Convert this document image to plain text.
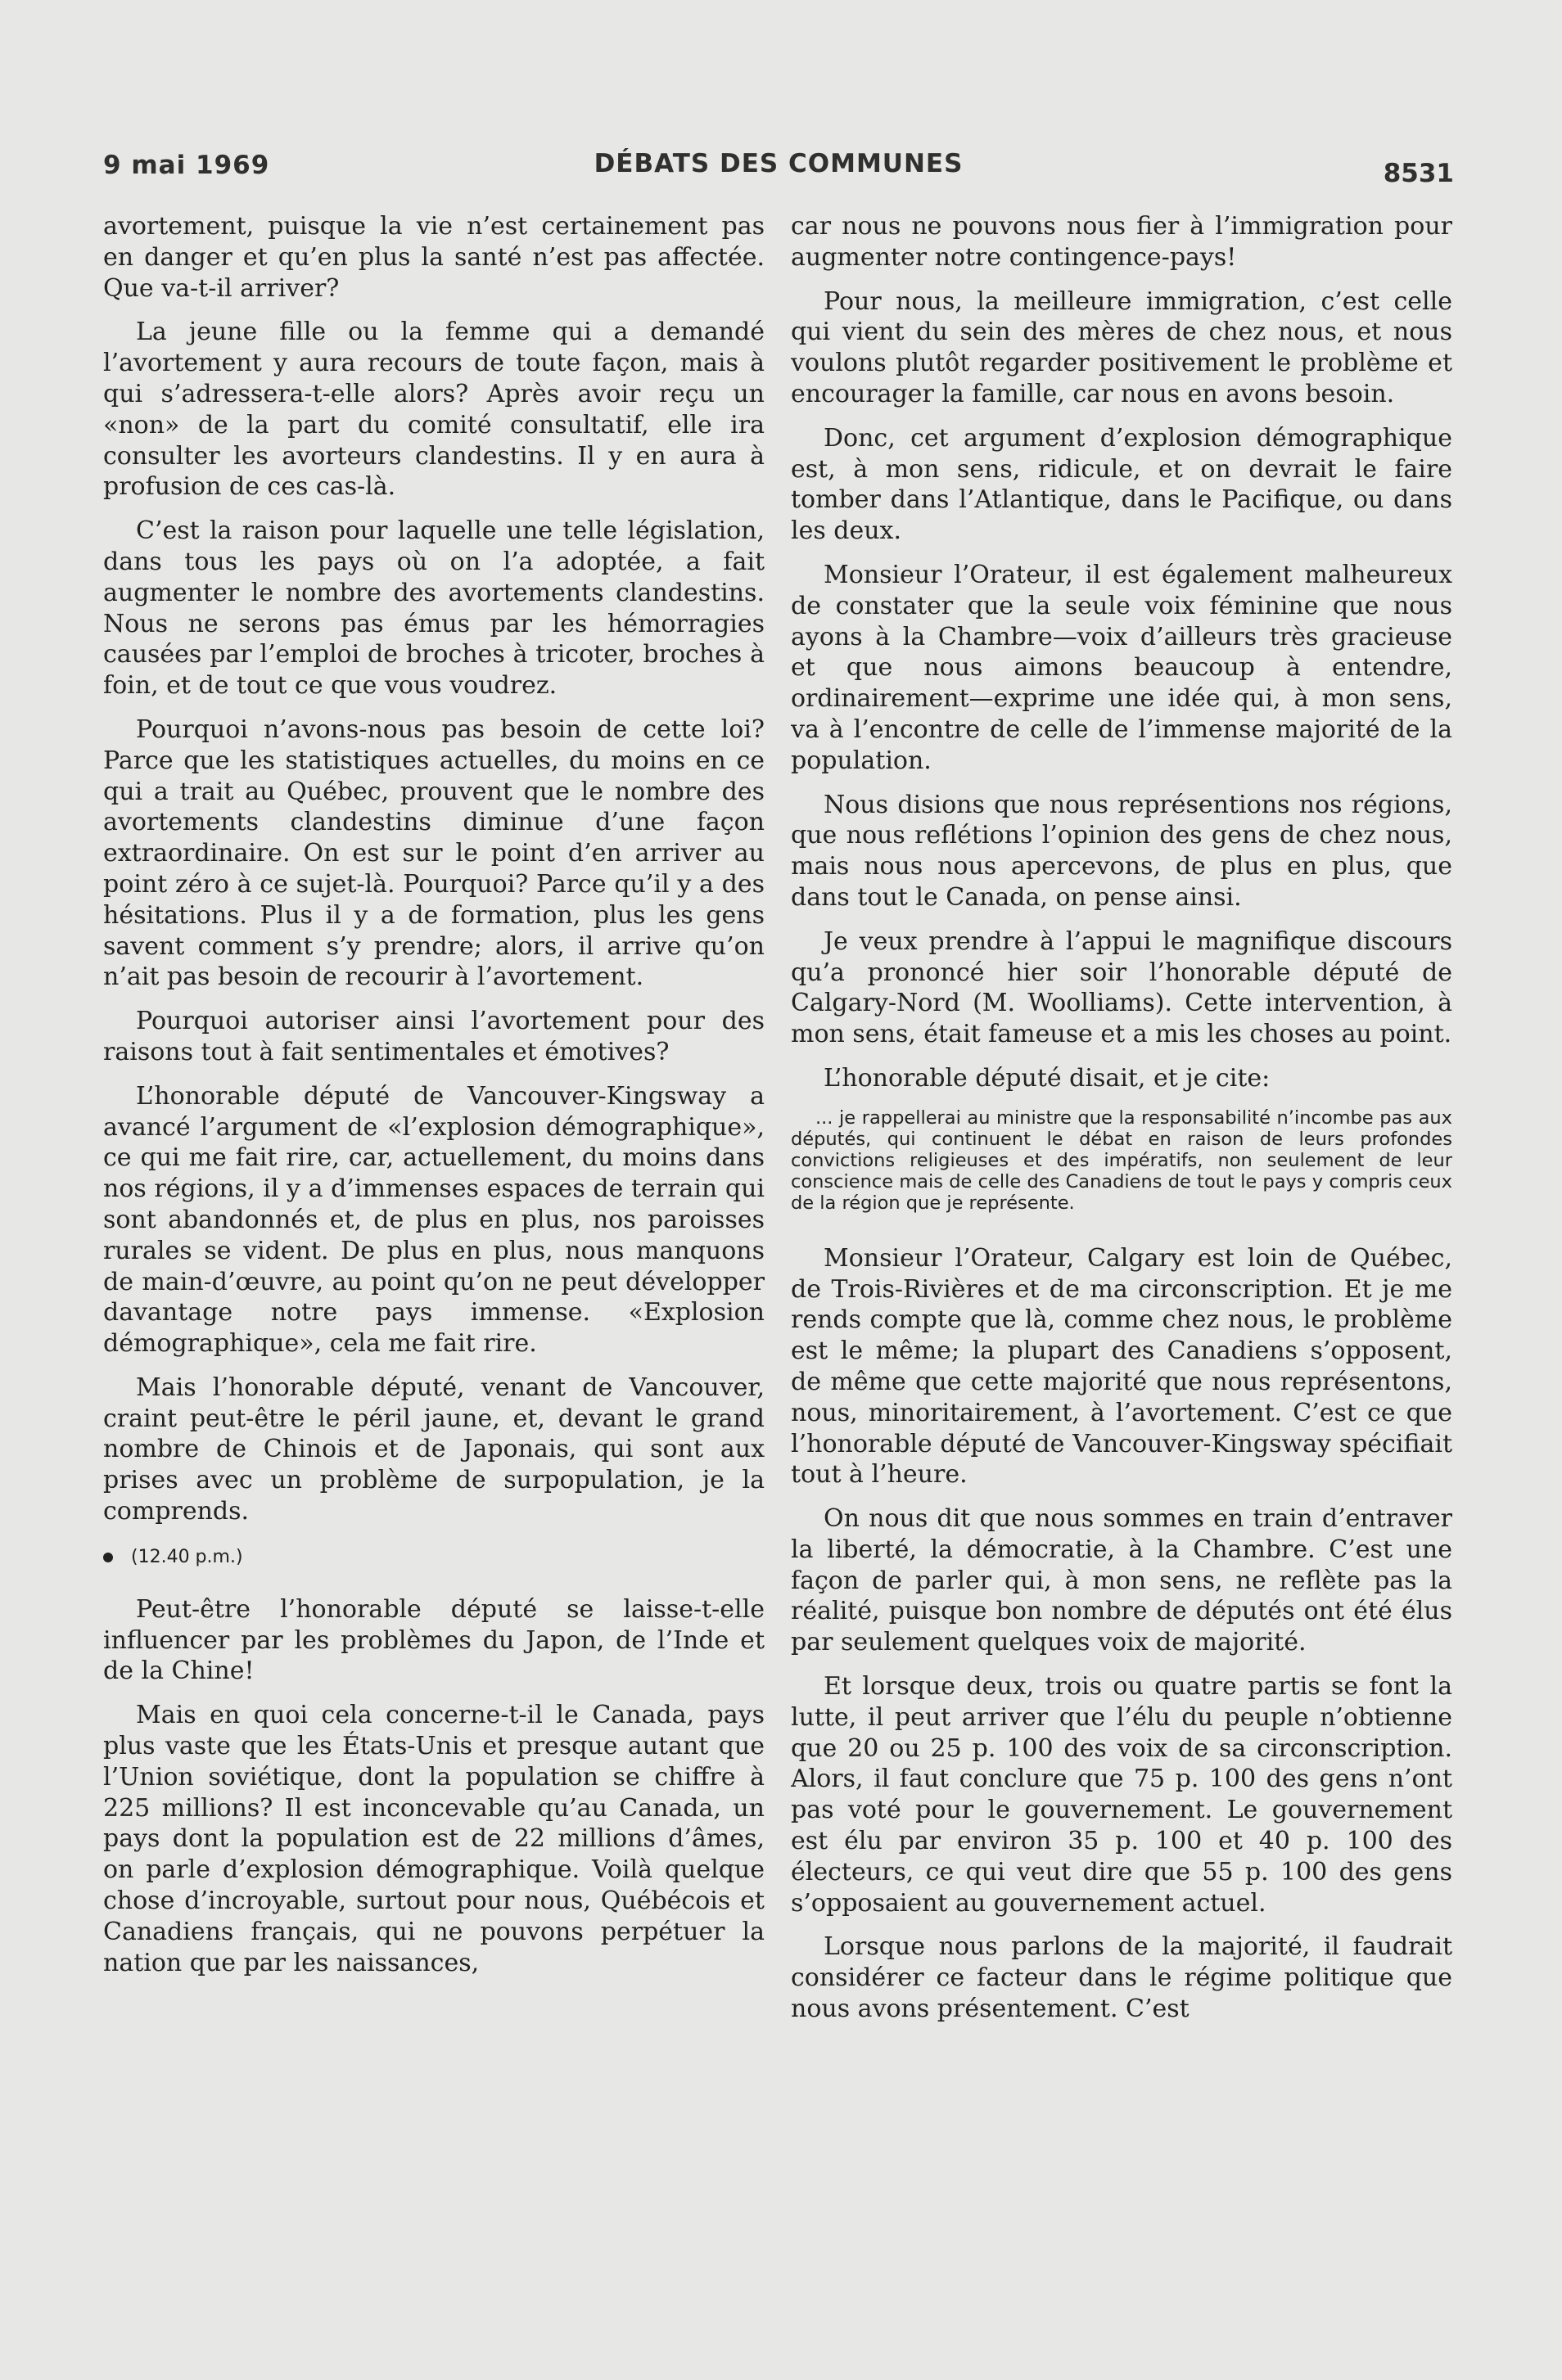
9 mai 1969	DÉBATS DES COMMUNES	8531

avortement, puisque la vie n’est certainement pas en danger et qu’en plus la santé n’est pas affectée. Que va-t-il arriver?

La jeune fille ou la femme qui a demandé l’avortement y aura recours de toute façon, mais à qui s’adressera-t-elle alors? Après avoir reçu un «non» de la part du comité consultatif, elle ira consulter les avorteurs clandestins. Il y en aura à profusion de ces cas-là.

C’est la raison pour laquelle une telle législation, dans tous les pays où on l’a adoptée, a fait augmenter le nombre des avortements clandestins. Nous ne serons pas émus par les hémorragies causées par l’emploi de broches à tricoter, broches à foin, et de tout ce que vous voudrez.

Pourquoi n’avons-nous pas besoin de cette loi? Parce que les statistiques actuelles, du moins en ce qui a trait au Québec, prouvent que le nombre des avortements clandestins diminue d’une façon extraordinaire. On est sur le point d’en arriver au point zéro à ce sujet-là. Pourquoi? Parce qu’il y a des hésitations. Plus il y a de formation, plus les gens savent comment s’y prendre; alors, il arrive qu’on n’ait pas besoin de recourir à l’avortement.

Pourquoi autoriser ainsi l’avortement pour des raisons tout à fait sentimentales et émotives?

L’honorable député de Vancouver-Kingsway a avancé l’argument de «l’explosion démographique», ce qui me fait rire, car, actuellement, du moins dans nos régions, il y a d’immenses espaces de terrain qui sont abandonnés et, de plus en plus, nos paroisses rurales se vident. De plus en plus, nous manquons de main-d’œuvre, au point qu’on ne peut développer davantage notre pays immense. «Explosion démographique», cela me fait rire.

Mais l’honorable député, venant de Vancouver, craint peut-être le péril jaune, et, devant le grand nombre de Chinois et de Japonais, qui sont aux prises avec un problème de surpopulation, je la comprends.

(12.40 p.m.)

Peut-être l’honorable député se laisse-t-elle influencer par les problèmes du Japon, de l’Inde et de la Chine!

Mais en quoi cela concerne-t-il le Canada, pays plus vaste que les États-Unis et presque autant que l’Union soviétique, dont la population se chiffre à 225 millions? Il est inconcevable qu’au Canada, un pays dont la population est de 22 millions d’âmes, on parle d’explosion démographique. Voilà quelque chose d’incroyable, surtout pour nous, Québécois et Canadiens français, qui ne pouvons perpétuer la nation que par les naissances,

car nous ne pouvons nous fier à l’immigration pour augmenter notre contingence-pays!

Pour nous, la meilleure immigration, c’est celle qui vient du sein des mères de chez nous, et nous voulons plutôt regarder positivement le problème et encourager la famille, car nous en avons besoin.

Donc, cet argument d’explosion démographique est, à mon sens, ridicule, et on devrait le faire tomber dans l’Atlantique, dans le Pacifique, ou dans les deux.

Monsieur l’Orateur, il est également malheureux de constater que la seule voix féminine que nous ayons à la Chambre—voix d’ailleurs très gracieuse et que nous aimons beaucoup à entendre, ordinairement—exprime une idée qui, à mon sens, va à l’encontre de celle de l’immense majorité de la population.

Nous disions que nous représentions nos régions, que nous reflétions l’opinion des gens de chez nous, mais nous nous apercevons, de plus en plus, que dans tout le Canada, on pense ainsi.

Je veux prendre à l’appui le magnifique discours qu’a prononcé hier soir l’honorable député de Calgary-Nord (M. Woolliams). Cette intervention, à mon sens, était fameuse et a mis les choses au point.

L’honorable député disait, et je cite:

... je rappellerai au ministre que la responsabilité n’incombe pas aux députés, qui continuent le débat en raison de leurs profondes convictions religieuses et des impératifs, non seulement de leur conscience mais de celle des Canadiens de tout le pays y compris ceux de la région que je représente.

Monsieur l’Orateur, Calgary est loin de Québec, de Trois-Rivières et de ma circonscription. Et je me rends compte que là, comme chez nous, le problème est le même; la plupart des Canadiens s’opposent, de même que cette majorité que nous représentons, nous, minoritairement, à l’avortement. C’est ce que l’honorable député de Vancouver-Kingsway spécifiait tout à l’heure.

On nous dit que nous sommes en train d’entraver la liberté, la démocratie, à la Chambre. C’est une façon de parler qui, à mon sens, ne reflète pas la réalité, puisque bon nombre de députés ont été élus par seulement quelques voix de majorité.

Et lorsque deux, trois ou quatre partis se font la lutte, il peut arriver que l’élu du peuple n’obtienne que 20 ou 25 p. 100 des voix de sa circonscription. Alors, il faut conclure que 75 p. 100 des gens n’ont pas voté pour le gouvernement. Le gouvernement est élu par environ 35 p. 100 et 40 p. 100 des électeurs, ce qui veut dire que 55 p. 100 des gens s’opposaient au gouvernement actuel.

Lorsque nous parlons de la majorité, il faudrait considérer ce facteur dans le régime politique que nous avons présentement. C’est
